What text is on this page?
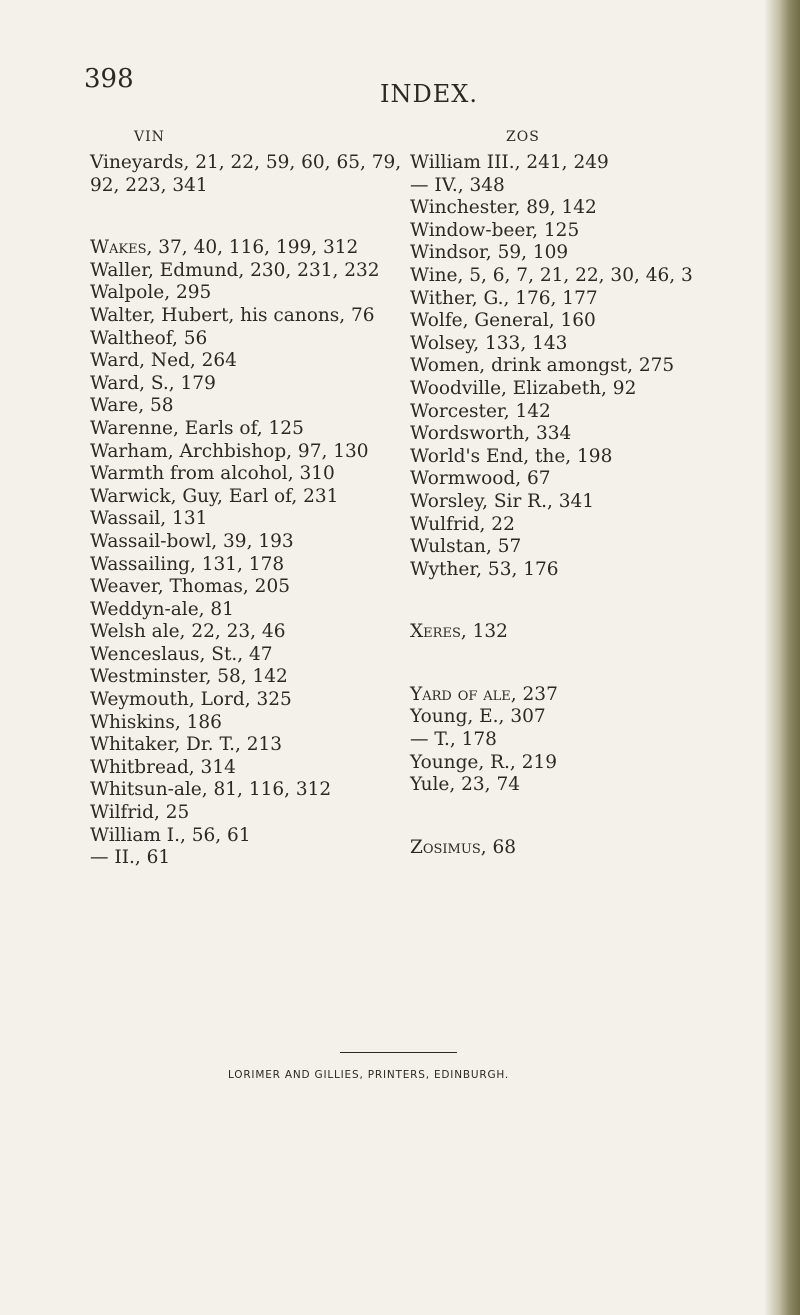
398	INDEX.
VIN
Vineyards, 21, 22, 59, 60, 65, 79,
92, 223, 341
Wakes, 37, 40, 116, 199, 312
Waller, Edmund, 230, 231, 232
Walpole, 295
Walter, Hubert, his canons, 76
Waltheof, 56
Ward, Ned, 264
Ward, S., 179
Ware, 58
Warenne, Earls of, 125
Warham, Archbishop, 97, 130
Warmth from alcohol, 310
Warwick, Guy, Earl of, 231
Wassail, 131
Wassail-bowl, 39, 193
Wassailing, 131, 178
Weaver, Thomas, 205
Weddyn-ale, 81
Welsh ale, 22, 23, 46
Wenceslaus, St., 47
Westminster, 58, 142
Weymouth, Lord, 325
Whiskins, 186
Whitaker, Dr. T., 213
Whitbread, 314
Whitsun-ale, 81, 116, 312
Wilfrid, 25
William I., 56, 61
— II., 61
ZOS
William III., 241, 249
— IV., 348
Winchester, 89, 142
Window-beer, 125
Windsor, 59, 109
Wine, 5, 6, 7, 21, 22, 30, 46, 3
Wither, G., 176, 177
Wolfe, General, 160
Wolsey, 133, 143
Women, drink amongst, 275
Woodville, Elizabeth, 92
Worcester, 142
Wordsworth, 334
World's End, the, 198
Wormwood, 67
Worsley, Sir R., 341
Wulfrid, 22
Wulstan, 57
Wyther, 53, 176
Xeres, 132
Yard of ale, 237
Young, E., 307
— T., 178
Younge, R., 219
Yule, 23, 74
Zosimus, 68
LORIMER AND GILLIES, PRINTERS, EDINBURGH.
